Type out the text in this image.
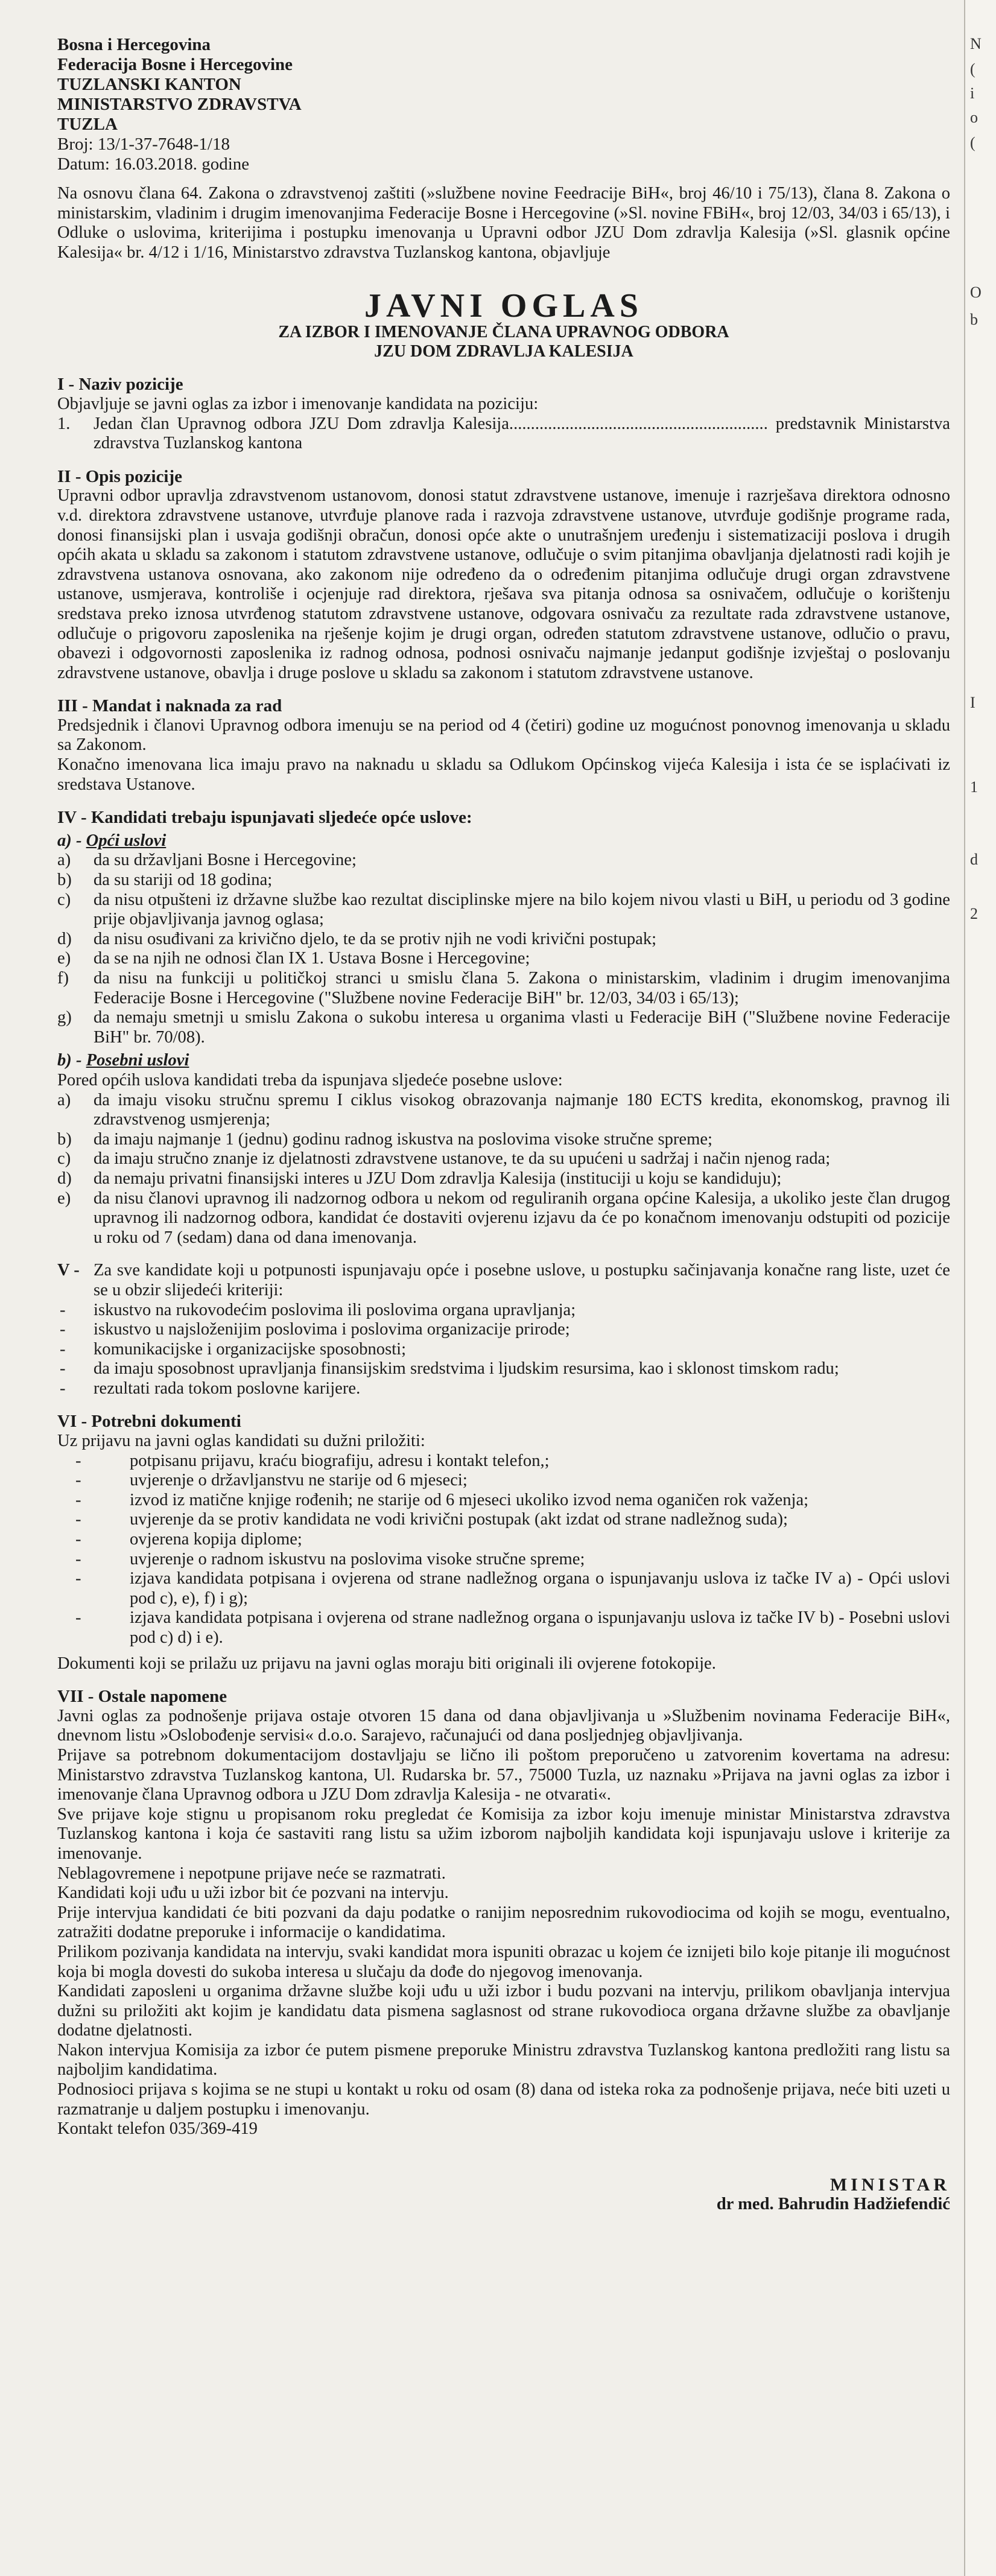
Bosna i Hercegovina
Federacija Bosne i Hercegovine
TUZLANSKI KANTON
MINISTARSTVO ZDRAVSTVA
TUZLA
Broj: 13/1-37-7648-1/18
Datum: 16.03.2018. godine

Na osnovu člana 64. Zakona o zdravstvenoj zaštiti (»službene novine Feedracije BiH«, broj 46/10 i 75/13), člana 8. Zakona o ministarskim, vladinim i drugim imenovanjima Federacije Bosne i Hercegovine (»Sl. novine FBiH«, broj 12/03, 34/03 i 65/13), i Odluke o uslovima, kriterijima i postupku imenovanja u Upravni odbor JZU Dom zdravlja Kalesija (»Sl. glasnik općine Kalesija« br. 4/12 i 1/16, Ministarstvo zdravstva Tuzlanskog kantona, objavljuje

JAVNI OGLAS
ZA IZBOR I IMENOVANJE ČLANA UPRAVNOG ODBORA
JZU DOM ZDRAVLJA KALESIJA
I - Naziv pozicije

Objavljuje se javni oglas za izbor i imenovanje kandidata na poziciju:

1.	Jedan član Upravnog odbora JZU Dom zdravlja Kalesija............................................................ predstavnik Ministarstva zdravstva Tuzlanskog kantona
II - Opis pozicije

Upravni odbor upravlja zdravstvenom ustanovom, donosi statut zdravstvene ustanove, imenuje i razrješava direktora odnosno v.d. direktora zdravstvene ustanove, utvrđuje planove rada i razvoja zdravstvene ustanove, utvrđuje godišnje programe rada, donosi finansijski plan i usvaja godišnji obračun, donosi opće akte o unutrašnjem uređenju i sistematizaciji poslova i drugih općih akata u skladu sa zakonom i statutom zdravstvene ustanove, odlučuje o svim pitanjima obavljanja djelatnosti radi kojih je zdravstvena ustanova osnovana, ako zakonom nije određeno da o određenim pitanjima odlučuje drugi organ zdravstvene ustanove, usmjerava, kontroliše i ocjenjuje rad direktora, rješava sva pitanja odnosa sa osnivačem, odlučuje o korištenju sredstava preko iznosa utvrđenog statutom zdravstvene ustanove, odgovara osnivaču za rezultate rada zdravstvene ustanove, odlučuje o prigovoru zaposlenika na rješenje kojim je drugi organ, određen statutom zdravstvene ustanove, odlučio o pravu, obavezi i odgovornosti zaposlenika iz radnog odnosa, podnosi osnivaču najmanje jedanput godišnje izvještaj o poslovanju zdravstvene ustanove, obavlja i druge poslove u skladu sa zakonom i statutom zdravstvene ustanove.

III - Mandat i naknada za rad

Predsjednik i članovi Upravnog odbora imenuju se na period od 4 (četiri) godine uz mogućnost ponovnog imenovanja u skladu sa Zakonom.

Konačno imenovana lica imaju pravo na naknadu u skladu sa Odlukom Općinskog vijeća Kalesija i ista će se isplaćivati iz sredstava Ustanove.

IV - Kandidati trebaju ispunjavati sljedeće opće uslove:
a) - Opći uslovi
a)	da su državljani Bosne i Hercegovine;
b)	da su stariji od 18 godina;
c)	da nisu otpušteni iz državne službe kao rezultat disciplinske mjere na bilo kojem nivou vlasti u BiH, u periodu od 3 godine prije objavljivanja javnog oglasa;
d)	da nisu osuđivani za krivično djelo, te da se protiv njih ne vodi krivični postupak;
e)	da se na njih ne odnosi član IX 1. Ustava Bosne i Hercegovine;
f)	da nisu na funkciji u političkoj stranci u smislu člana 5. Zakona o ministarskim, vladinim i drugim imenovanjima Federacije Bosne i Hercegovine ("Službene novine Federacije BiH" br. 12/03, 34/03 i 65/13);
g)	da nemaju smetnji u smislu Zakona o sukobu interesa u organima vlasti u Federacije BiH ("Službene novine Federacije BiH" br. 70/08).
b) - Posebni uslovi

Pored općih uslova kandidati treba da ispunjava sljedeće posebne uslove:

a)	da imaju visoku stručnu spremu I ciklus visokog obrazovanja najmanje 180 ECTS kredita, ekonomskog, pravnog ili zdravstvenog usmjerenja;
b)	da imaju najmanje 1 (jednu) godinu radnog iskustva na poslovima visoke stručne spreme;
c)	da imaju stručno znanje iz djelatnosti zdravstvene ustanove, te da su upućeni u sadržaj i način njenog rada;
d)	da nemaju privatni finansijski interes u JZU Dom zdravlja Kalesija (instituciji u koju se kandiduju);
e)	da nisu članovi upravnog ili nadzornog odbora u nekom od reguliranih organa općine Kalesija, a ukoliko jeste član drugog upravnog ili nadzornog odbora, kandidat će dostaviti ovjerenu izjavu da će po konačnom imenovanju odstupiti od pozicije u roku od 7 (sedam) dana od dana imenovanja.
V - Za sve kandidate koji u potpunosti ispunjavaju opće i posebne uslove, u postupku sačinjavanja konačne rang liste, uzet će se u obzir slijedeći kriteriji:
-	iskustvo na rukovodećim poslovima ili poslovima organa upravljanja;
-	iskustvo u najsloženijim poslovima i poslovima organizacije prirode;
-	komunikacijske i organizacijske sposobnosti;
-	da imaju sposobnost upravljanja finansijskim sredstvima i ljudskim resursima, kao i sklonost timskom radu;
-	rezultati rada tokom poslovne karijere.
VI - Potrebni dokumenti

Uz prijavu na javni oglas kandidati su dužni priložiti:

-	potpisanu prijavu, kraću biografiju, adresu i kontakt telefon,;
-	uvjerenje o državljanstvu ne starije od 6 mjeseci;
-	izvod iz matične knjige rođenih; ne starije od 6 mjeseci ukoliko izvod nema oganičen rok važenja;
-	uvjerenje da se protiv kandidata ne vodi krivični postupak (akt izdat od strane nadležnog suda);
-	ovjerena kopija diplome;
-	uvjerenje o radnom iskustvu na poslovima visoke stručne spreme;
-	izjava kandidata potpisana i ovjerena od strane nadležnog organa o ispunjavanju uslova iz tačke IV a) - Opći uslovi pod c), e), f) i g);
-	izjava kandidata potpisana i ovjerena od strane nadležnog organa o ispunjavanju uslova iz tačke IV b) - Posebni uslovi pod c) d) i e).

Dokumenti koji se prilažu uz prijavu na javni oglas moraju biti originali ili ovjerene fotokopije.

VII - Ostale napomene

Javni oglas za podnošenje prijava ostaje otvoren 15 dana od dana objavljivanja u »Službenim novinama Federacije BiH«, dnevnom listu »Oslobođenje servisi« d.o.o. Sarajevo, računajući od dana posljednjeg objavljivanja.

Prijave sa potrebnom dokumentacijom dostavljaju se lično ili poštom preporučeno u zatvorenim kovertama na adresu: Ministarstvo zdravstva Tuzlanskog kantona, Ul. Rudarska br. 57., 75000 Tuzla, uz naznaku »Prijava na javni oglas za izbor i imenovanje člana Upravnog odbora u JZU Dom zdravlja Kalesija - ne otvarati«.

Sve prijave koje stignu u propisanom roku pregledat će Komisija za izbor koju imenuje ministar Ministarstva zdravstva Tuzlanskog kantona i koja će sastaviti rang listu sa užim izborom najboljih kandidata koji ispunjavaju uslove i kriterije za imenovanje.

Neblagovremene i nepotpune prijave neće se razmatrati.

Kandidati koji uđu u uži izbor bit će pozvani na intervju.

Prije intervjua kandidati će biti pozvani da daju podatke o ranijim neposrednim rukovodiocima od kojih se mogu, eventualno, zatražiti dodatne preporuke i informacije o kandidatima.

Prilikom pozivanja kandidata na intervju, svaki kandidat mora ispuniti obrazac u kojem će iznijeti bilo koje pitanje ili mogućnost koja bi mogla dovesti do sukoba interesa u slučaju da dođe do njegovog imenovanja.

Kandidati zaposleni u organima državne službe koji uđu u uži izbor i budu pozvani na intervju, prilikom obavljanja intervjua dužni su priložiti akt kojim je kandidatu data pismena saglasnost od strane rukovodioca organa državne službe za obavljanje dodatne djelatnosti.

Nakon intervjua Komisija za izbor će putem pismene preporuke Ministru zdravstva Tuzlanskog kantona predložiti rang listu sa najboljim kandidatima.

Podnosioci prijava s kojima se ne stupi u kontakt u roku od osam (8) dana od isteka roka za podnošenje prijava, neće biti uzeti u razmatranje u daljem postupku i imenovanju.

Kontakt telefon 035/369-419

MINISTAR
dr med. Bahrudin Hadžiefendić
N
(
i
o
(
O
b
I
1
d
2
